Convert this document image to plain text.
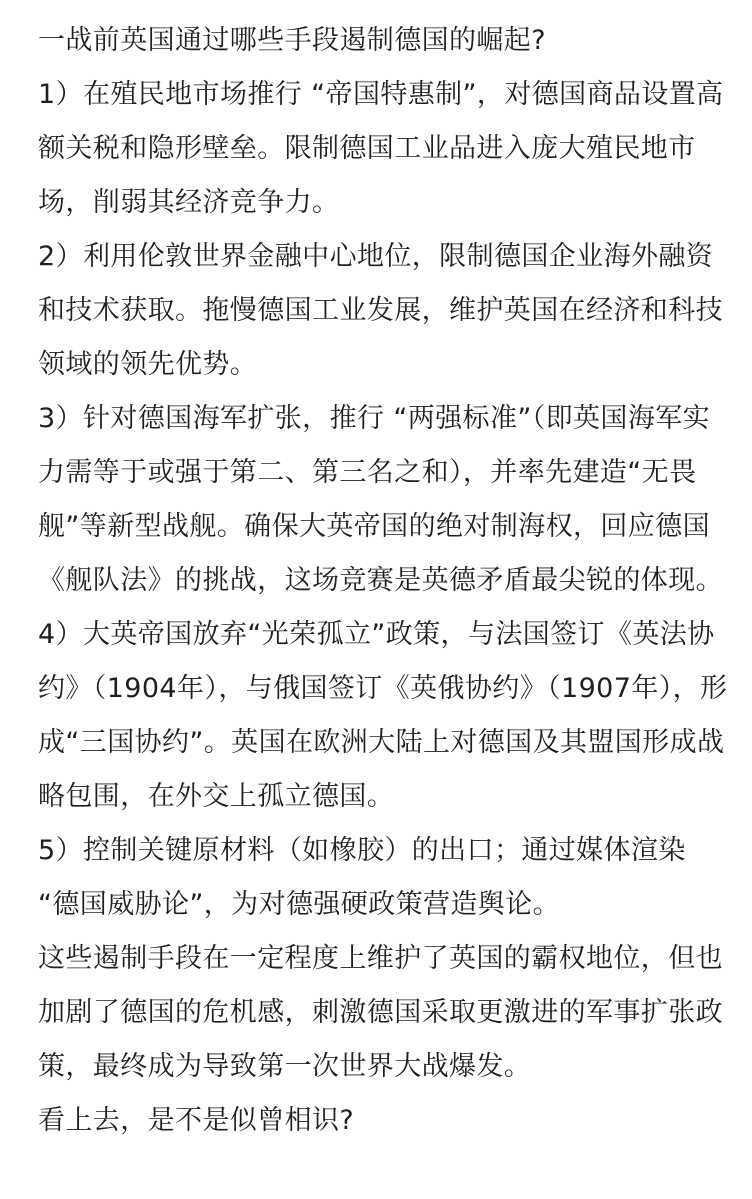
一战前英国通过哪些手段遏制德国的崛起?

1）在殖民地市场推行 “帝国特惠制”，对德国商品设置高额关税和隐形壁垒。限制德国工业品进入庞大殖民地市场，削弱其经济竞争力。

2）利用伦敦世界金融中心地位，限制德国企业海外融资和技术获取。拖慢德国工业发展，维护英国在经济和科技领域的领先优势。

3）针对德国海军扩张，推行 “两强标准”（即英国海军实力需等于或强于第二、第三名之和），并率先建造“无畏舰”等新型战舰。确保大英帝国的绝对制海权，回应德国《舰队法》的挑战，这场竞赛是英德矛盾最尖锐的体现。

4）大英帝国放弃“光荣孤立”政策，与法国签订《英法协约》（1904年），与俄国签订《英俄协约》（1907年），形成“三国协约”。英国在欧洲大陆上对德国及其盟国形成战略包围，在外交上孤立德国。

5）控制关键原材料（如橡胶）的出口；通过媒体渲染 “德国威胁论”，为对德强硬政策营造舆论。

这些遏制手段在一定程度上维护了英国的霸权地位，但也加剧了德国的危机感，刺激德国采取更激进的军事扩张政策，最终成为导致第一次世界大战爆发。

看上去，是不是似曾相识?
